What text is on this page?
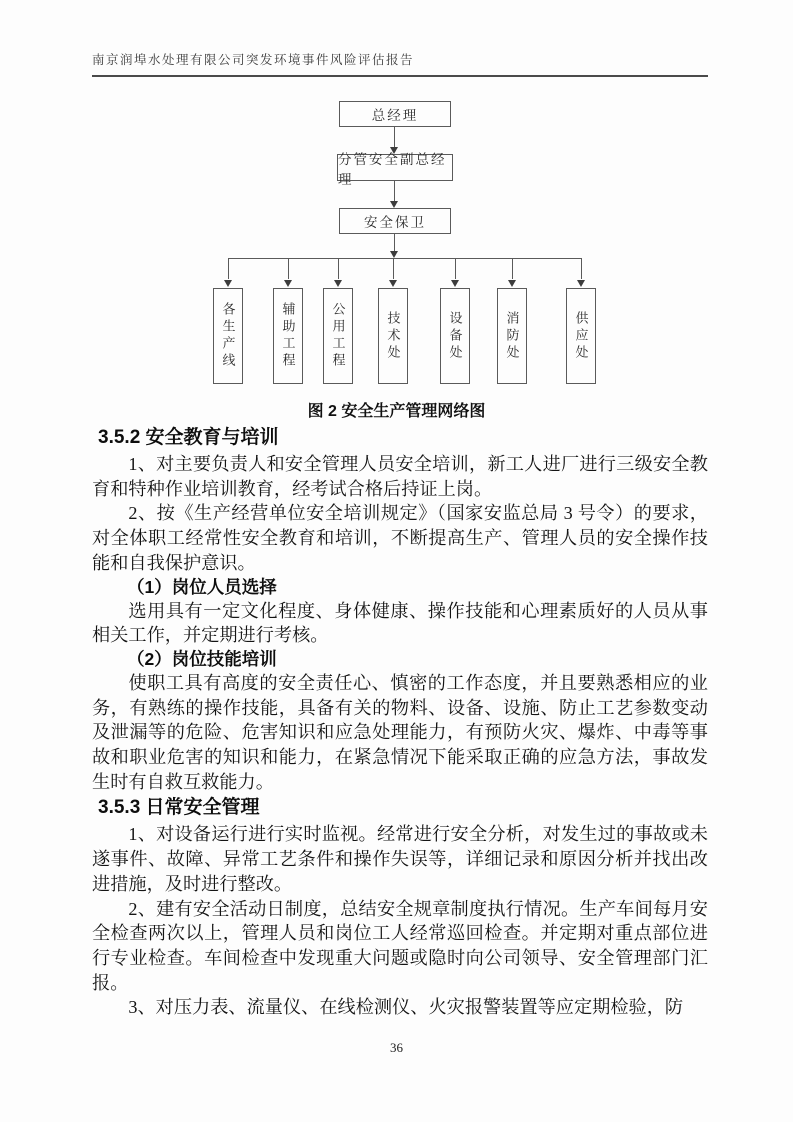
南京润埠水处理有限公司突发环境事件风险评估报告
总经理
分管安全副总经理
安全保卫
各生产线	辅助工程	公用工程	技术处	设备处	消防处	供应处
图 2 安全生产管理网络图
3.5.2 安全教育与培训

1、对主要负责人和安全管理人员安全培训，新工人进厂进行三级安全教育和特种作业培训教育，经考试合格后持证上岗。

2、按《生产经营单位安全培训规定》（国家安监总局 3 号令）的要求，对全体职工经常性安全教育和培训，不断提高生产、管理人员的安全操作技能和自我保护意识。

（1）岗位人员选择

选用具有一定文化程度、身体健康、操作技能和心理素质好的人员从事相关工作，并定期进行考核。

（2）岗位技能培训

使职工具有高度的安全责任心、慎密的工作态度，并且要熟悉相应的业务，有熟练的操作技能，具备有关的物料、设备、设施、防止工艺参数变动及泄漏等的危险、危害知识和应急处理能力，有预防火灾、爆炸、中毒等事故和职业危害的知识和能力，在紧急情况下能采取正确的应急方法，事故发生时有自救互救能力。

3.5.3 日常安全管理

1、对设备运行进行实时监视。经常进行安全分析，对发生过的事故或未遂事件、故障、异常工艺条件和操作失误等，详细记录和原因分析并找出改进措施，及时进行整改。

2、建有安全活动日制度，总结安全规章制度执行情况。生产车间每月安全检查两次以上，管理人员和岗位工人经常巡回检查。并定期对重点部位进行专业检查。车间检查中发现重大问题或隐时向公司领导、安全管理部门汇报。

3、对压力表、流量仪、在线检测仪、火灾报警装置等应定期检验，防

36
